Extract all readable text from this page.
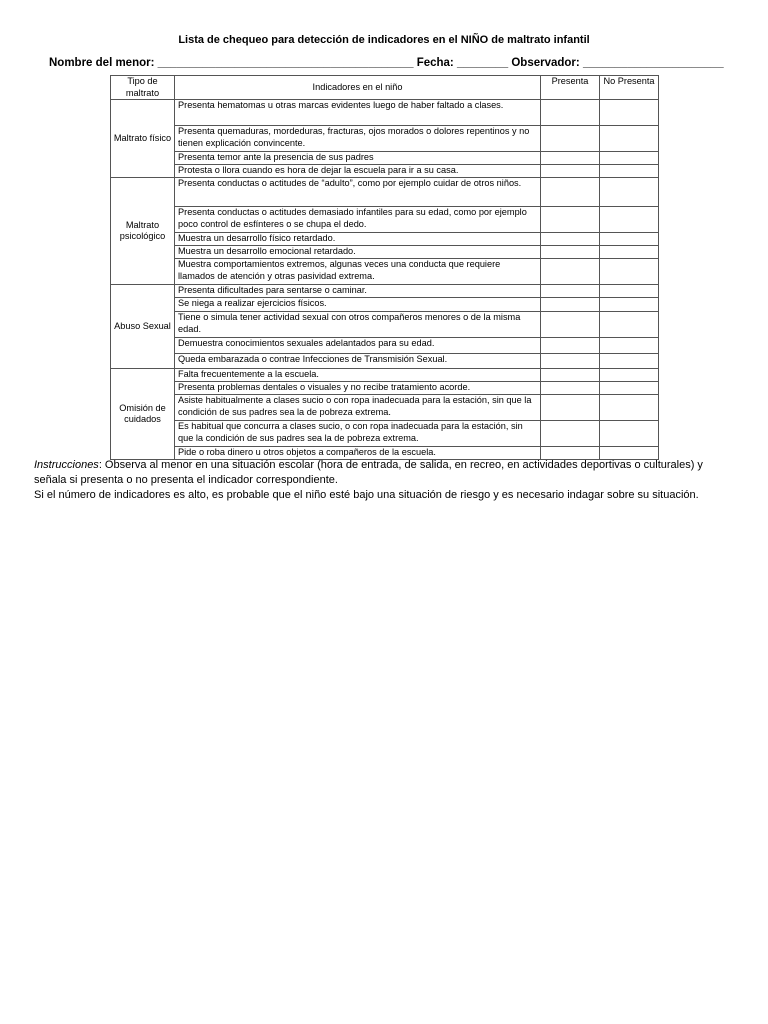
Lista de chequeo para detección de indicadores en el NIÑO de maltrato infantil
Nombre del menor: ________________________________________ Fecha: ________ Observador: ______________________
Tipo de maltrato	Indicadores en el niño	Presenta	No Presenta
Maltrato físico	Presenta hematomas u otras marcas evidentes luego de haber faltado a clases.		
	Presenta quemaduras, mordeduras, fracturas, ojos morados o dolores repentinos y no tienen explicación convincente.		
	Presenta temor ante la presencia de sus padres		
	Protesta o llora cuando es hora de dejar la escuela para ir a su casa.		
Maltrato psicológico	Presenta conductas o actitudes de “adulto”, como por ejemplo cuidar de otros niños.		
	Presenta conductas o actitudes demasiado infantiles para su edad, como por ejemplo poco control de esfínteres o se chupa el dedo.		
	Muestra un desarrollo físico retardado.		
	Muestra un desarrollo emocional retardado.		
	Muestra comportamientos extremos, algunas veces una conducta que requiere llamados de atención y otras pasividad extrema.		
Abuso Sexual	Presenta dificultades para sentarse o caminar.		
	Se niega a realizar ejercicios físicos.		
	Tiene o simula tener actividad sexual con otros compañeros menores o de la misma edad.		
	Demuestra conocimientos sexuales adelantados para su edad.		
	Queda embarazada o contrae Infecciones de Transmisión Sexual.		
Omisión de cuidados	Falta frecuentemente a la escuela.		
	Presenta problemas dentales o visuales y no recibe tratamiento acorde.		
	Asiste habitualmente a clases sucio o con ropa inadecuada para la estación, sin que la condición de sus padres sea la de pobreza extrema.		
	Es habitual que concurra a clases sucio, o con ropa inadecuada para la estación, sin que la condición de sus padres sea la de pobreza extrema.		
	Pide o roba dinero u otros objetos a compañeros de la escuela.		
Instrucciones: Observa al menor en una situación escolar (hora de entrada, de salida, en recreo, en actividades deportivas o culturales) y señala si presenta o no presenta el indicador correspondiente.
Si el número de indicadores es alto, es probable que el niño esté bajo una situación de riesgo y es necesario indagar sobre su situación.
